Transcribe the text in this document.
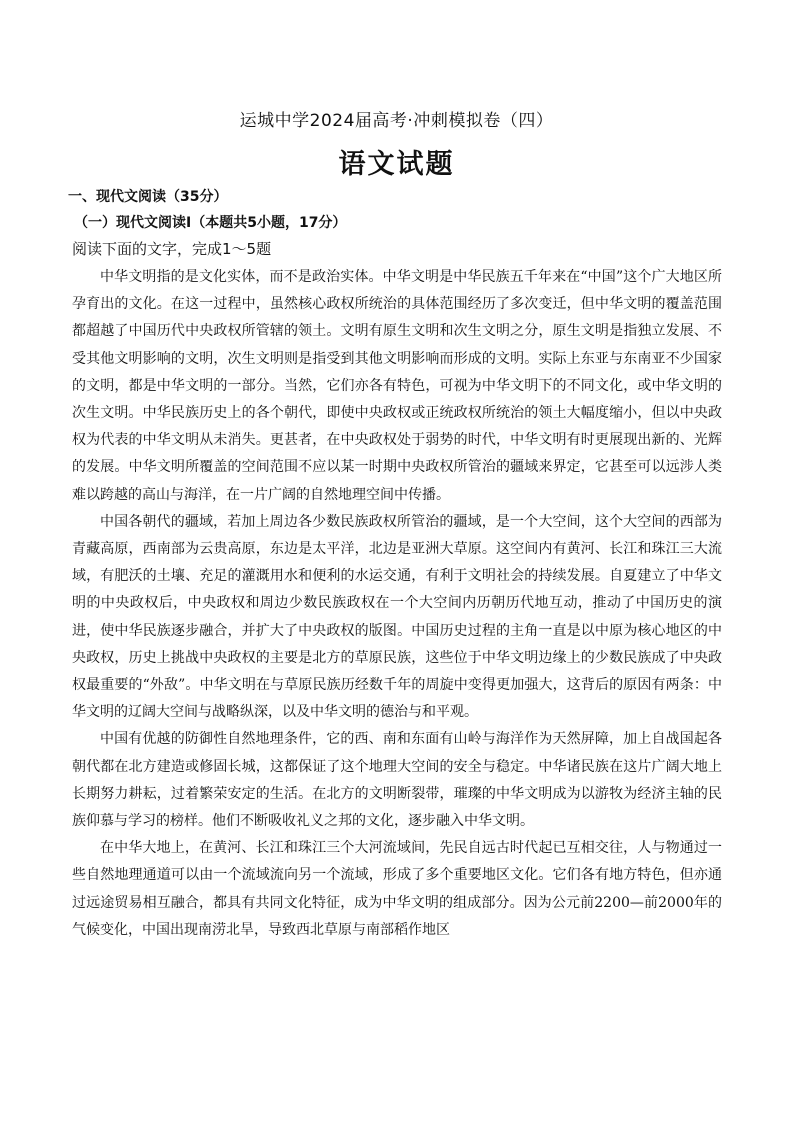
运城中学2024届高考·冲刺模拟卷（四）
语文试题
一、现代文阅读（35分）
（一）现代文阅读Ⅰ（本题共5小题，17分）
阅读下面的文字，完成1～5题

中华文明指的是文化实体，而不是政治实体。中华文明是中华民族五千年来在“中国”这个广大地区所孕育出的文化。在这一过程中，虽然核心政权所统治的具体范围经历了多次变迁，但中华文明的覆盖范围都超越了中国历代中央政权所管辖的领土。文明有原生文明和次生文明之分，原生文明是指独立发展、不受其他文明影响的文明，次生文明则是指受到其他文明影响而形成的文明。实际上东亚与东南亚不少国家的文明，都是中华文明的一部分。当然，它们亦各有特色，可视为中华文明下的不同文化，或中华文明的次生文明。中华民族历史上的各个朝代，即使中央政权或正统政权所统治的领土大幅度缩小，但以中央政权为代表的中华文明从未消失。更甚者，在中央政权处于弱势的时代，中华文明有时更展现出新的、光辉的发展。中华文明所覆盖的空间范围不应以某一时期中央政权所管治的疆域来界定，它甚至可以远涉人类难以跨越的高山与海洋，在一片广阔的自然地理空间中传播。

中国各朝代的疆域，若加上周边各少数民族政权所管治的疆域，是一个大空间，这个大空间的西部为青藏高原，西南部为云贵高原，东边是太平洋，北边是亚洲大草原。这空间内有黄河、长江和珠江三大流域，有肥沃的土壤、充足的灌溉用水和便利的水运交通，有利于文明社会的持续发展。自夏建立了中华文明的中央政权后，中央政权和周边少数民族政权在一个大空间内历朝历代地互动，推动了中国历史的演进，使中华民族逐步融合，并扩大了中央政权的版图。中国历史过程的主角一直是以中原为核心地区的中央政权，历史上挑战中央政权的主要是北方的草原民族，这些位于中华文明边缘上的少数民族成了中央政权最重要的“外敌”。中华文明在与草原民族历经数千年的周旋中变得更加强大，这背后的原因有两条：中华文明的辽阔大空间与战略纵深，以及中华文明的德治与和平观。

中国有优越的防御性自然地理条件，它的西、南和东面有山岭与海洋作为天然屏障，加上自战国起各朝代都在北方建造或修固长城，这都保证了这个地理大空间的安全与稳定。中华诸民族在这片广阔大地上长期努力耕耘，过着繁荣安定的生活。在北方的文明断裂带，璀璨的中华文明成为以游牧为经济主轴的民族仰慕与学习的榜样。他们不断吸收礼义之邦的文化，逐步融入中华文明。

在中华大地上，在黄河、长江和珠江三个大河流域间，先民自远古时代起已互相交往，人与物通过一些自然地理通道可以由一个流域流向另一个流域，形成了多个重要地区文化。它们各有地方特色，但亦通过远途贸易相互融合，都具有共同文化特征，成为中华文明的组成部分。因为公元前2200—前2000年的气候变化，中国出现南涝北旱，导致西北草原与南部稻作地区
